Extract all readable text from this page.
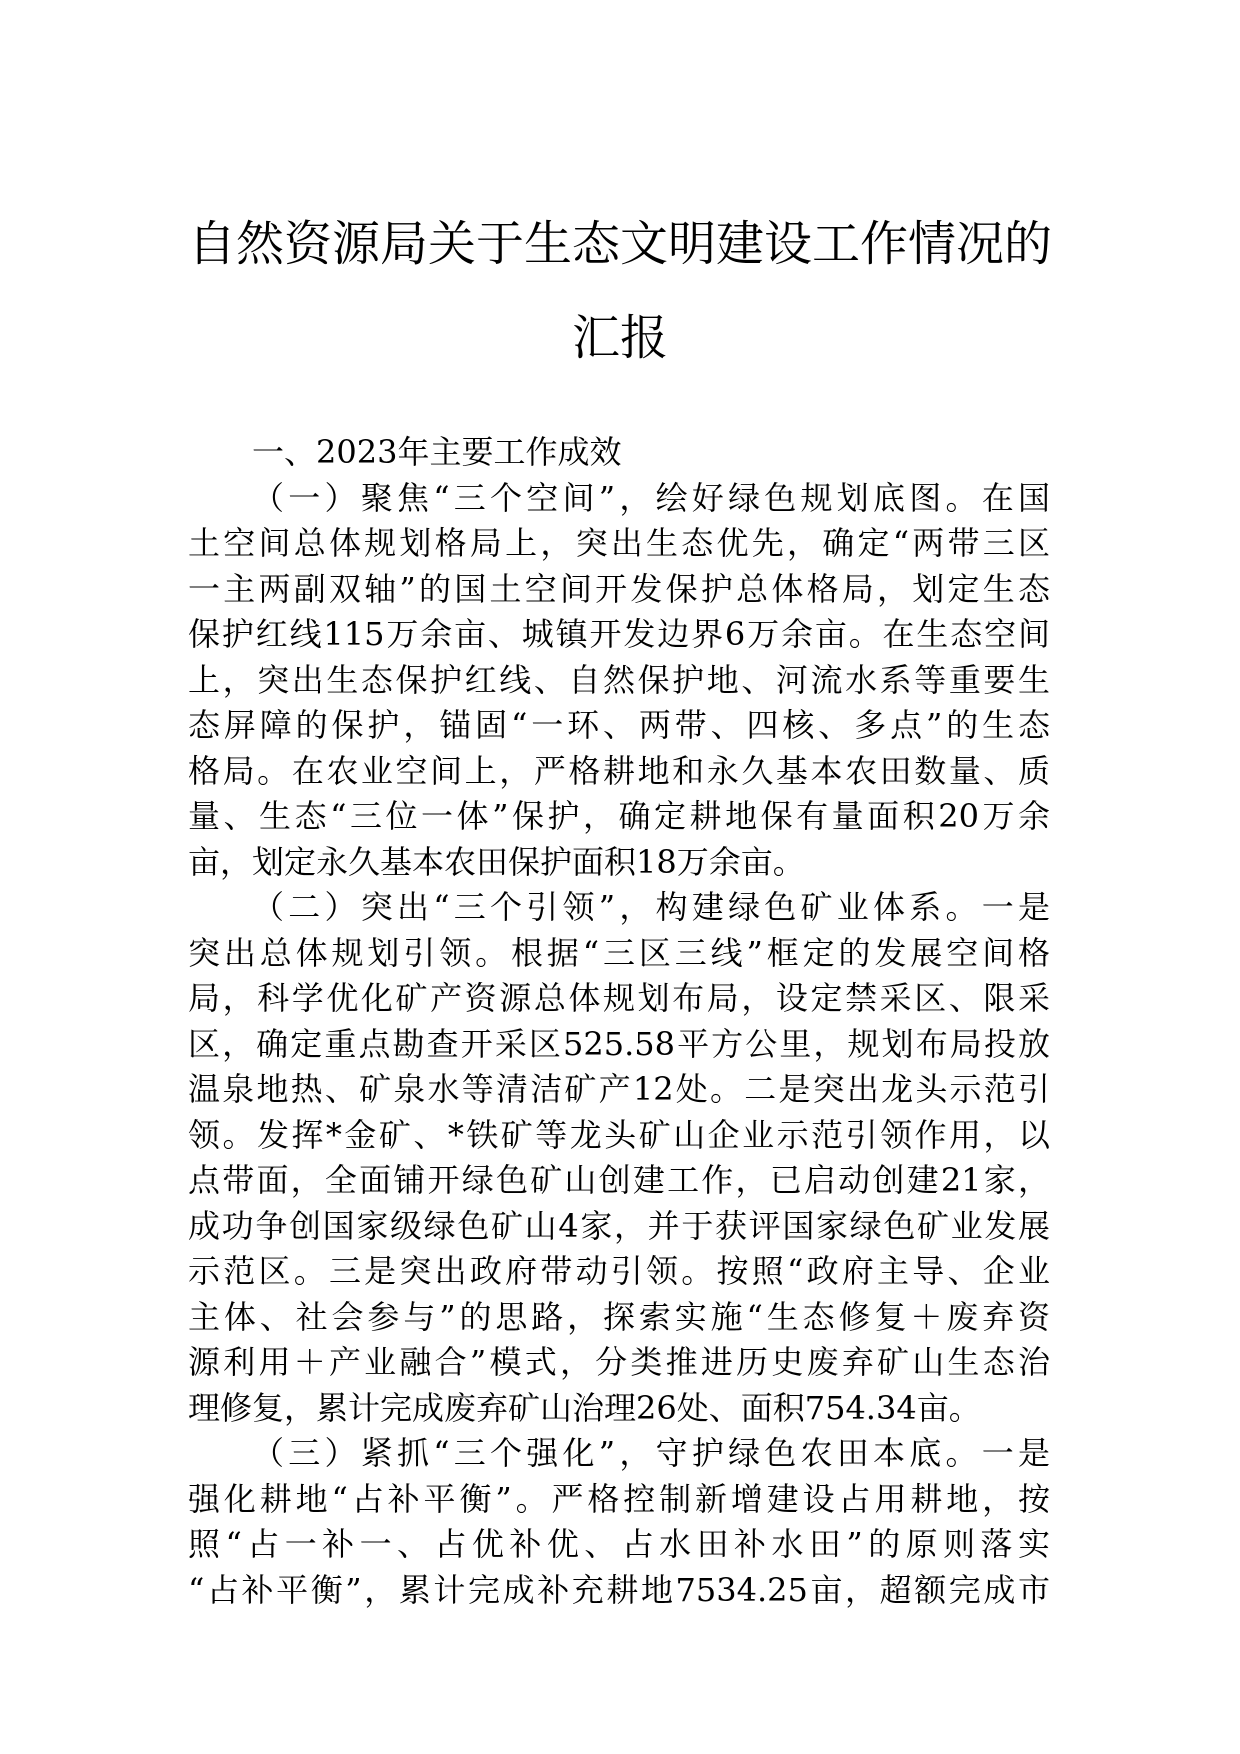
自然资源局关于生态文明建设工作情况的
汇报
一、2023年主要工作成效
（一）聚焦“三个空间”，绘好绿色规划底图。在国
土空间总体规划格局上，突出生态优先，确定“两带三区
一主两副双轴”的国土空间开发保护总体格局，划定生态
保护红线115万余亩、城镇开发边界6万余亩。在生态空间
上，突出生态保护红线、自然保护地、河流水系等重要生
态屏障的保护，锚固“一环、两带、四核、多点”的生态
格局。在农业空间上，严格耕地和永久基本农田数量、质
量、生态“三位一体”保护，确定耕地保有量面积20万余
亩，划定永久基本农田保护面积18万余亩。
（二）突出“三个引领”，构建绿色矿业体系。一是
突出总体规划引领。根据“三区三线”框定的发展空间格
局，科学优化矿产资源总体规划布局，设定禁采区、限采
区，确定重点勘查开采区525.58平方公里，规划布局投放
温泉地热、矿泉水等清洁矿产12处。二是突出龙头示范引
领。发挥*金矿、*铁矿等龙头矿山企业示范引领作用，以
点带面，全面铺开绿色矿山创建工作，已启动创建21家，
成功争创国家级绿色矿山4家，并于获评国家绿色矿业发展
示范区。三是突出政府带动引领。按照“政府主导、企业
主体、社会参与”的思路，探索实施“生态修复＋废弃资
源利用＋产业融合”模式，分类推进历史废弃矿山生态治
理修复，累计完成废弃矿山治理26处、面积754.34亩。
（三）紧抓“三个强化”，守护绿色农田本底。一是
强化耕地“占补平衡”。严格控制新增建设占用耕地，按
照“占一补一、占优补优、占水田补水田”的原则落实
“占补平衡”，累计完成补充耕地7534.25亩，超额完成市
